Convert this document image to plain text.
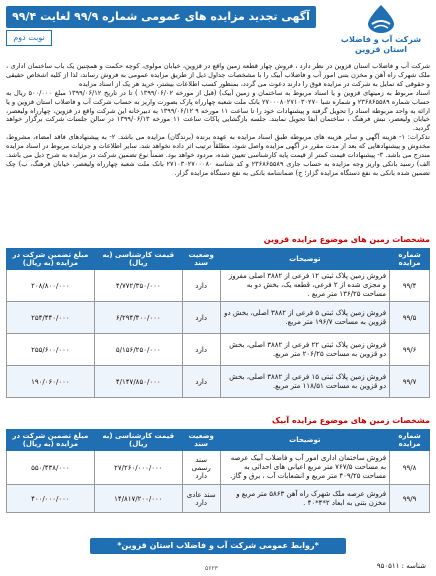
آگهی تجدید مزایده های عمومی شماره ۹۹/۹ لغایت ۹۹/۴
نوبت دوم	شرکت آب و فاضلاب
استان قزوین

شرکت آب و فاضلاب استان قزوین در نظر دارد ، فروش چهار قطعه زمین واقع در قزوین، خیابان مولوی، کوچه حکمت و همچنین یک باب ساختمان اداری ، ملک شهرک راه آهن و مخزن بتنی امور آب و فاضلاب آبیک را با مشخصات جداول ذیل از طریق مزایده عمومی به فروش رساند، لذا از کلیه اشخاص حقیقی و حقوقی که تمایل به شرکت در مزایده فوق را دارند دعوت می گردد، بمنظور کسب اطلاعات بیشتر، خرید هر یک از اسناد مزایده

اسناد مربوط به زمینهای قزوین و یا اسناد مربوط به ساختمان و زمین آبیک) (قبل از مورخه ۱۳۹۹/۰۶/۰۲ ) تا در تاریخ ۱۳۹۹/۰۶/۱۲ مبلغ ۵۰۰/۰۰۰ ریال به حساب شماره ۲۳۶۸۶۵۵۸۹ و شماره شبا ۲۷۰۰۰۸۰۲۷۱۰۳۰۲۷۰ بانک ملت شعبه چهارراه پارک بصورت واریز به حساب شرکت آب و فاضلاب استان قزوین و یا ارائه به واحد مربوطه اسناد را تحویل گرفته و پیشنهادات خود را تا ساعت ۱۱ مورخه ۹ ۱۳۹۹/۰۶/۱۲ به دبیرخانه این شرکت واقع در قزوین، چهارراه ولیعصر، خیابان ولیعصر، نبش فرهنگ ، ساختمان آبفا تحویل نمایند. جلسه بازگشایی پاکات ساعت ۱۱ مورخه ۱۳۹۹/۰۶/۱۳ در سالن جلسات شرکت برگزار خواهد گردید.

تذکرات: ۱- هزینه آگهی و سایر هزینه های مربوطه طبق اسناد مزایده به عهده برنده (برندگان) مزایده می باشد. ۲- به پیشنهادهای فاقد امضاء، مشروط، مخدوش و پیشنهادهایی که بعد از مدت مقرر در آگهی مزایده واصل شود، مطلقاً ترتیب اثر داده نخواهد شد. سایر اطلاعات و جزئیات مربوط در اسناد مزایده مندرج می باشد. ۳- پیشنهادات قیمت کمتر از قیمت پایه کارشناسی تعیین شده، مردود خواهد بود. ضمناً نوع تضمین شرکت در مزایده به شرح ذیل می باشد. الف) رسید بانکی واریز وجه مزایده به حساب جاری ۲۳۶۸۶۵۵۸۹ و کد شناسه ۲۷۱۰۳۰۲۷۰۰۰۸۰ بانک ملت شعبه چهارراه ولیعصر، خیابان فرهنگ، ب) چک تضمین شده بانکی به نفع دستگاه مزایده گزار؛ ج) ضمانتنامه بانکی به نفع دستگاه مزایده گزار.

مشخصات زمین های موضوع مزایده قزوین
شماره مزایده	توضیحات	وضعیت سند	قیمت کارشناسی (به ریال)	مبلغ تضمین شرکت در مزایده (به ریال)
۹۹/۴	فروش زمین پلاک ثبتی ۱۲ فرعی از ۳۸۸۲ اصلی مفروز و مجزی شده از ۲ فرعی، قطعه یک، بخش دو به مساحت ۱۳۶/۲۵ متر مربع .	دارد	۴/۷۷۲/۳۵۰/۰۰۰	۲۰۸/۸۰۰/۰۰۰
۹۹/۵	فروش زمین پلاک ثبتی ۵ فرعی از ۳۸۸۲ اصلی، بخش دو قزوین به مساحت ۱۹۶/۷ متر مربع.	دارد	۶/۲۹۴/۴۰۰/۰۰۰	۲۵۴/۴۴۰/۰۰۰
۹۹/۶	فروش زمین پلاک ثبتی ۲۲ فرعی از ۳۸۸۲ اصلی، بخش دو قزوین به مساحت ۲۰۶/۲۵ متر مربع.	دارد	۵/۱۵۶/۲۵۰/۰۰۰	۲۵۵/۶۰۰/۰۰۰
۹۹/۷	فروش زمین پلاک ثبتی ۱۵ فرعی از ۳۸۸۲ اصلی، بخش دو قزوین به مساحت ۱۱۸/۵۱ متر مربع.	دارد	۴/۱۴۷/۸۵۰/۰۰۰	۱۹۰/۰۶۰/۰۰۰
مشخصات زمین های موضوع مزایده آبیک
شماره مزایده	توضیحات	وضعیت سند	قیمت کارشناسی (به ریال)	مبلغ تضمین شرکت در مزایده (به ریال)
۹۹/۸	فروش ساختمان اداری امور آب و فاضلاب آبیک عرصه به مساحت ۷۶۷/۵ متر مربع اعیانی های احداثی به مساحت ۴۰۹/۲۵ متر مربع و انشعابات آب ، برق و گاز.	سند رسمی دارد	۲۷/۲۶۰/۰۰۰/۰۰۰	۵۵۰/۴۳۸/۰۰۰
۹۹/۹	فروش عرصه ملک شهرک راه آهن ۵۸۶۳ متر مربع و مخزن بتنی به ابعاد ۲*۴*۴۰ .	سند عادی دارد	۱۴/۸۱۷/۲۰۰/۰۰۰	۴۰۰/۰۰۰/۰۰۰
*روابط عمومی شرکت آب و فاضلاب استان قزوین*
شناسه : ۹۵۰۵۱۱
۵۶۲۳
